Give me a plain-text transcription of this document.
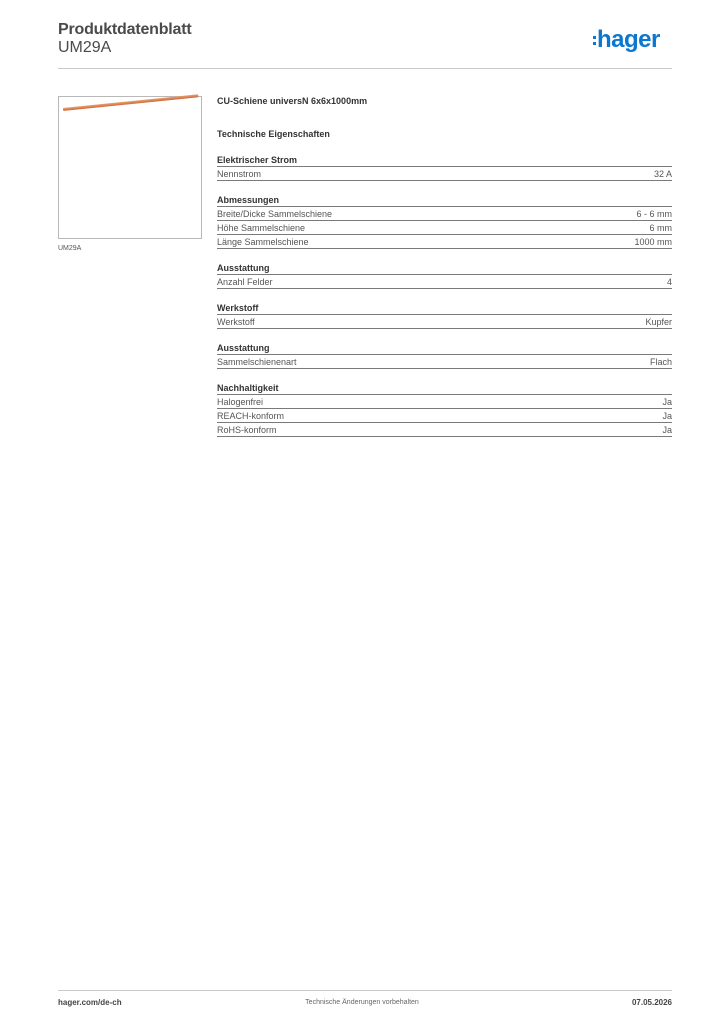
Produktdatenblatt
UM29A	hager
UM29A
CU-Schiene universN 6x6x1000mm
Technische Eigenschaften
Elektrischer Strom
Nennstrom	32 A
Abmessungen
Breite/Dicke Sammelschiene	6 - 6 mm
Höhe Sammelschiene	6 mm
Länge Sammelschiene	1000 mm
Ausstattung
Anzahl Felder	4
Werkstoff
Werkstoff	Kupfer
Ausstattung
Sammelschienenart	Flach
Nachhaltigkeit
Halogenfrei	Ja
REACH-konform	Ja
RoHS-konform	Ja
hager.com/de-ch	Technische Änderungen vorbehalten	07.05.2026
